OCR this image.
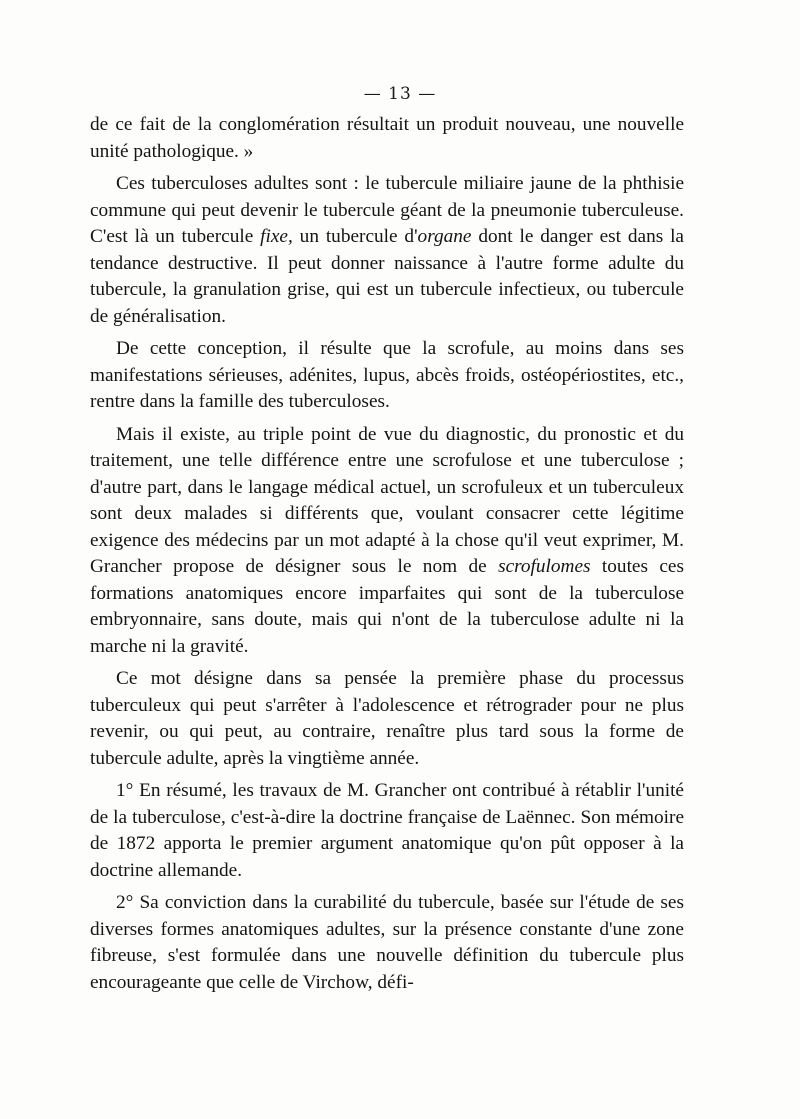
— 13 —

de ce fait de la conglomération résultait un produit nouveau, une nouvelle unité pathologique. »

Ces tuberculoses adultes sont : le tubercule miliaire jaune de la phthisie commune qui peut devenir le tubercule géant de la pneumonie tuberculeuse. C'est là un tubercule fixe, un tubercule d'organe dont le danger est dans la tendance destructive. Il peut donner naissance à l'autre forme adulte du tubercule, la granulation grise, qui est un tubercule infectieux, ou tubercule de généralisation.

De cette conception, il résulte que la scrofule, au moins dans ses manifestations sérieuses, adénites, lupus, abcès froids, ostéopériostites, etc., rentre dans la famille des tuberculoses.

Mais il existe, au triple point de vue du diagnostic, du pronostic et du traitement, une telle différence entre une scrofulose et une tuberculose ; d'autre part, dans le langage médical actuel, un scrofuleux et un tuberculeux sont deux malades si différents que, voulant consacrer cette légitime exigence des médecins par un mot adapté à la chose qu'il veut exprimer, M. Grancher propose de désigner sous le nom de scrofulomes toutes ces formations anatomiques encore imparfaites qui sont de la tuberculose embryonnaire, sans doute, mais qui n'ont de la tuberculose adulte ni la marche ni la gravité.

Ce mot désigne dans sa pensée la première phase du processus tuberculeux qui peut s'arrêter à l'adolescence et rétrograder pour ne plus revenir, ou qui peut, au contraire, renaître plus tard sous la forme de tubercule adulte, après la vingtième année.

1° En résumé, les travaux de M. Grancher ont contribué à rétablir l'unité de la tuberculose, c'est-à-dire la doctrine française de Laënnec. Son mémoire de 1872 apporta le premier argument anatomique qu'on pût opposer à la doctrine allemande.

2° Sa conviction dans la curabilité du tubercule, basée sur l'étude de ses diverses formes anatomiques adultes, sur la présence constante d'une zone fibreuse, s'est formulée dans une nouvelle définition du tubercule plus encourageante que celle de Virchow, défi-
